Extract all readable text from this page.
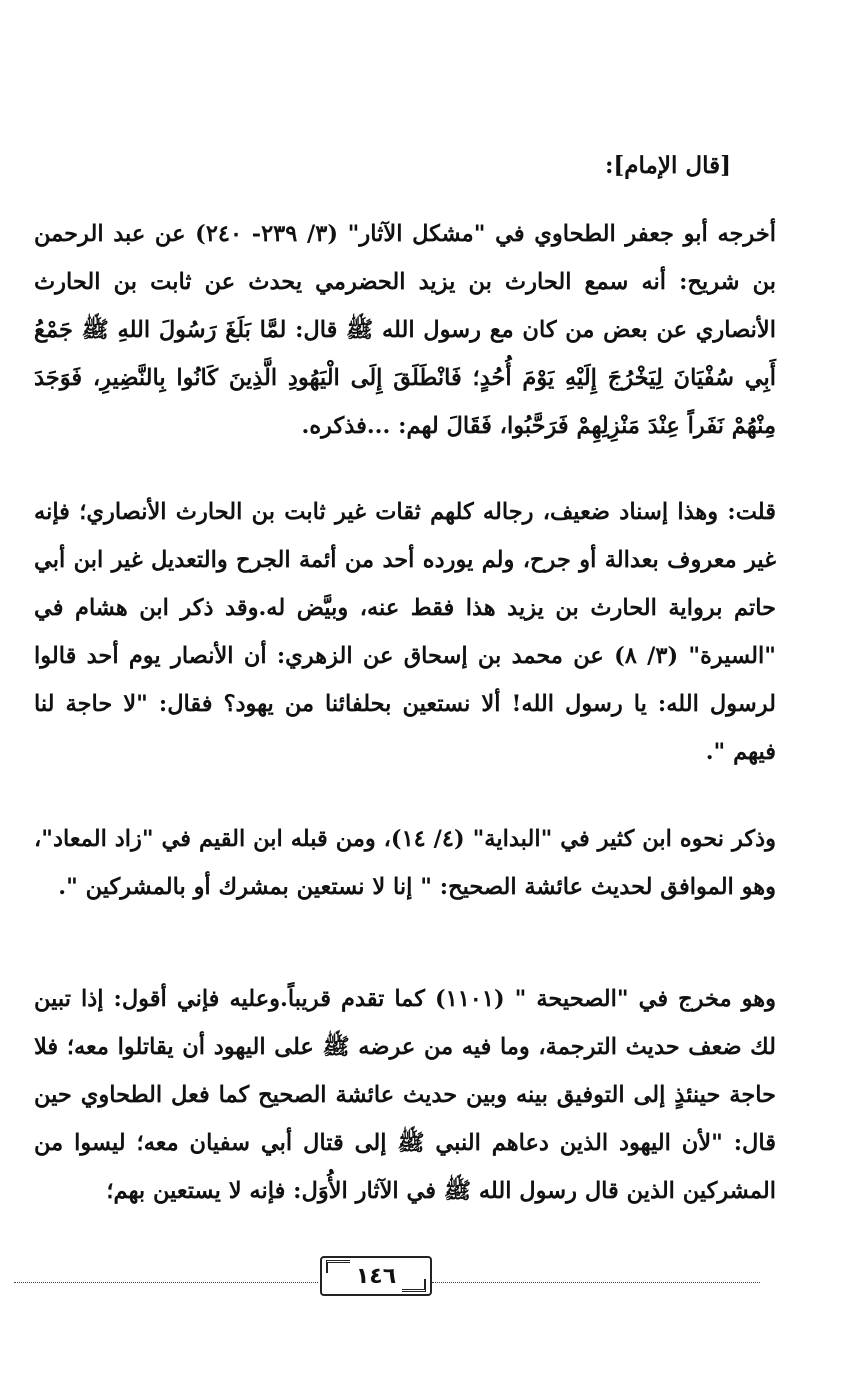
[قال الإمام]:

أخرجه أبو جعفر الطحاوي في "مشكل الآثار" (٣/ ٢٣٩- ٢٤٠) عن عبد الرحمن بن شريح: أنه سمع الحارث بن يزيد الحضرمي يحدث عن ثابت بن الحارث الأنصاري عن بعض من كان مع رسول الله ﷺ قال: لمَّا بَلَغَ رَسُولَ اللهِ ﷺ جَمْعُ أَبِي سُفْيَانَ لِيَخْرُجَ إِلَيْهِ يَوْمَ أُحُدٍ؛ فَانْطَلَقَ إِلَى الْيَهُودِ الَّذِينَ كَانُوا بِالنَّضِيرِ، فَوَجَدَ مِنْهُمْ نَفَراً عِنْدَ مَنْزِلِهِمْ فَرَحَّبُوا، فَقَالَ لهم: ...فذكره.

قلت: وهذا إسناد ضعيف، رجاله كلهم ثقات غير ثابت بن الحارث الأنصاري؛ فإنه غير معروف بعدالة أو جرح، ولم يورده أحد من أئمة الجرح والتعديل غير ابن أبي حاتم برواية الحارث بن يزيد هذا فقط عنه، وبيَّض له.وقد ذكر ابن هشام في "السيرة" (٣/ ٨) عن محمد بن إسحاق عن الزهري: أن الأنصار يوم أحد قالوا لرسول الله: يا رسول الله! ألا نستعين بحلفائنا من يهود؟ فقال: "لا حاجة لنا فيهم ".

وذكر نحوه ابن كثير في "البداية" (٤/ ١٤)، ومن قبله ابن القيم في "زاد المعاد"، وهو الموافق لحديث عائشة الصحيح: " إنا لا نستعين بمشرك أو بالمشركين ".

وهو مخرج في "الصحيحة " (١١٠١) كما تقدم قريباً.وعليه فإني أقول: إذا تبين لك ضعف حديث الترجمة، وما فيه من عرضه ﷺ على اليهود أن يقاتلوا معه؛ فلا حاجة حينئذٍ إلى التوفيق بينه وبين حديث عائشة الصحيح كما فعل الطحاوي حين قال: "لأن اليهود الذين دعاهم النبي ﷺ إلى قتال أبي سفيان معه؛ ليسوا من المشركين الذين قال رسول الله ﷺ في الآثار الأُوَل: فإنه لا يستعين بهم؛

١٤٦
